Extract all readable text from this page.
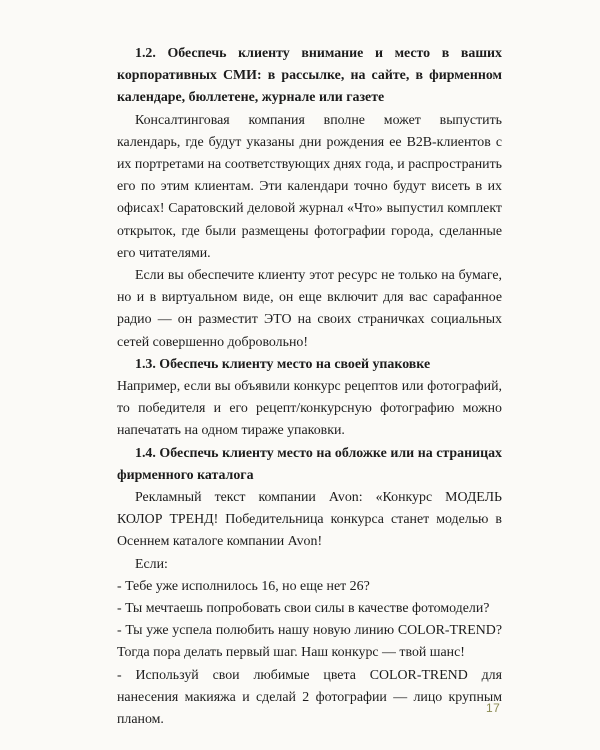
1.2. Обеспечь клиенту внимание и место в ваших корпоративных СМИ: в рассылке, на сайте, в фирменном календаре, бюллетене, журнале или газете

Консалтинговая компания вполне может выпустить календарь, где будут указаны дни рождения ее B2B-клиентов с их портретами на соответствующих днях года, и распространить его по этим клиентам. Эти календари точно будут висеть в их офисах! Саратовский деловой журнал «Что» выпустил комплект открыток, где были размещены фотографии города, сделанные его читателями.

Если вы обеспечите клиенту этот ресурс не только на бумаге, но и в виртуальном виде, он еще включит для вас сарафанное радио — он разместит ЭТО на своих страничках социальных сетей совершенно добровольно!

1.3. Обеспечь клиенту место на своей упаковке

Например, если вы объявили конкурс рецептов или фотографий, то победителя и его рецепт/конкурсную фотографию можно напечатать на одном тираже упаковки.

1.4. Обеспечь клиенту место на обложке или на страницах фирменного каталога

Рекламный текст компании Avon: «Конкурс МОДЕЛЬ КОЛОР ТРЕНД! Победительница конкурса станет моделью в Осеннем каталоге компании Avon!

Если:

- Тебе уже исполнилось 16, но еще нет 26?

- Ты мечтаешь попробовать свои силы в качестве фотомодели?

- Ты уже успела полюбить нашу новую линию COLOR-TREND? Тогда пора делать первый шаг. Наш конкурс — твой шанс!

- Используй свои любимые цвета COLOR-TREND для нанесения макияжа и сделай 2 фотографии — лицо крупным планом.

17
